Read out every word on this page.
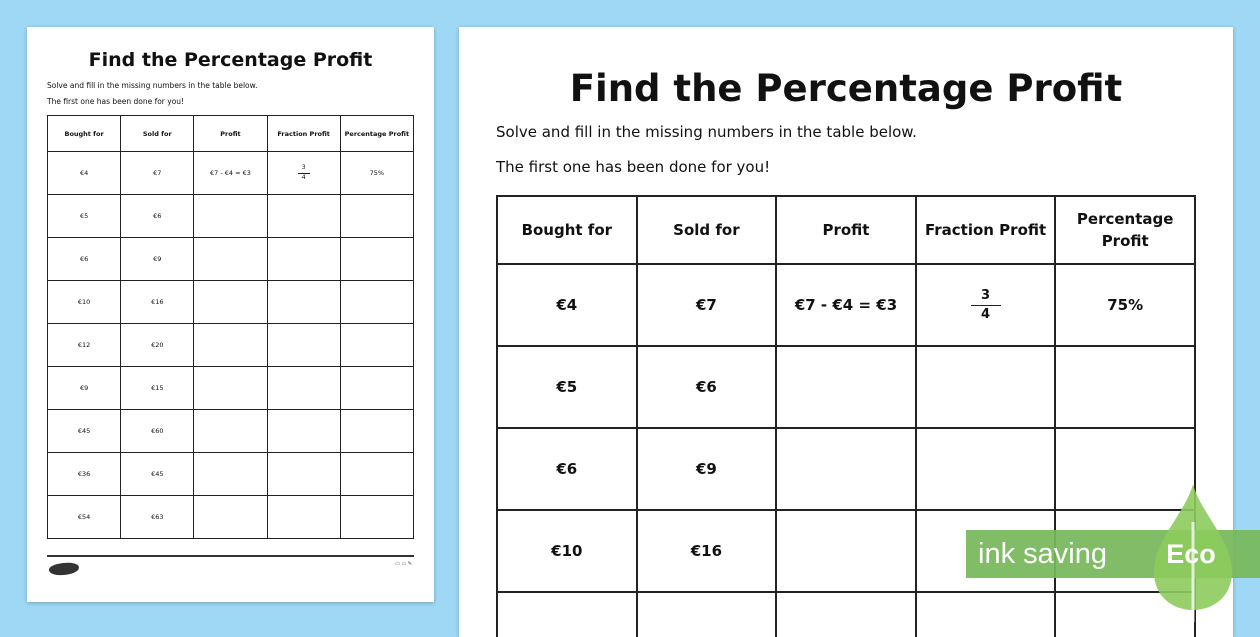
Find the Percentage Profit
Solve and fill in the missing numbers in the table below.
The first one has been done for you!
Bought for	Sold for	Profit	Fraction Profit	Percentage Profit
€4	€7	€7 - €4 = €3	$\frac{3}{4}$	75%
€5	€6			
€6	€9			
€10	€16			
€12	€20			
€9	€15			
€45	€60			
€36	€45			
€54	€63			
▭ ▭ ✎
Find the Percentage Profit
Solve and fill in the missing numbers in the table below.
The first one has been done for you!
Bought for	Sold for	Profit	Fraction Profit	Percentage Profit
€4	€7	€7 - €4 = €3	$\frac{3}{4}$	75%
€5	€6			
€6	€9			
€10	€16			
					ink saving	Eco
